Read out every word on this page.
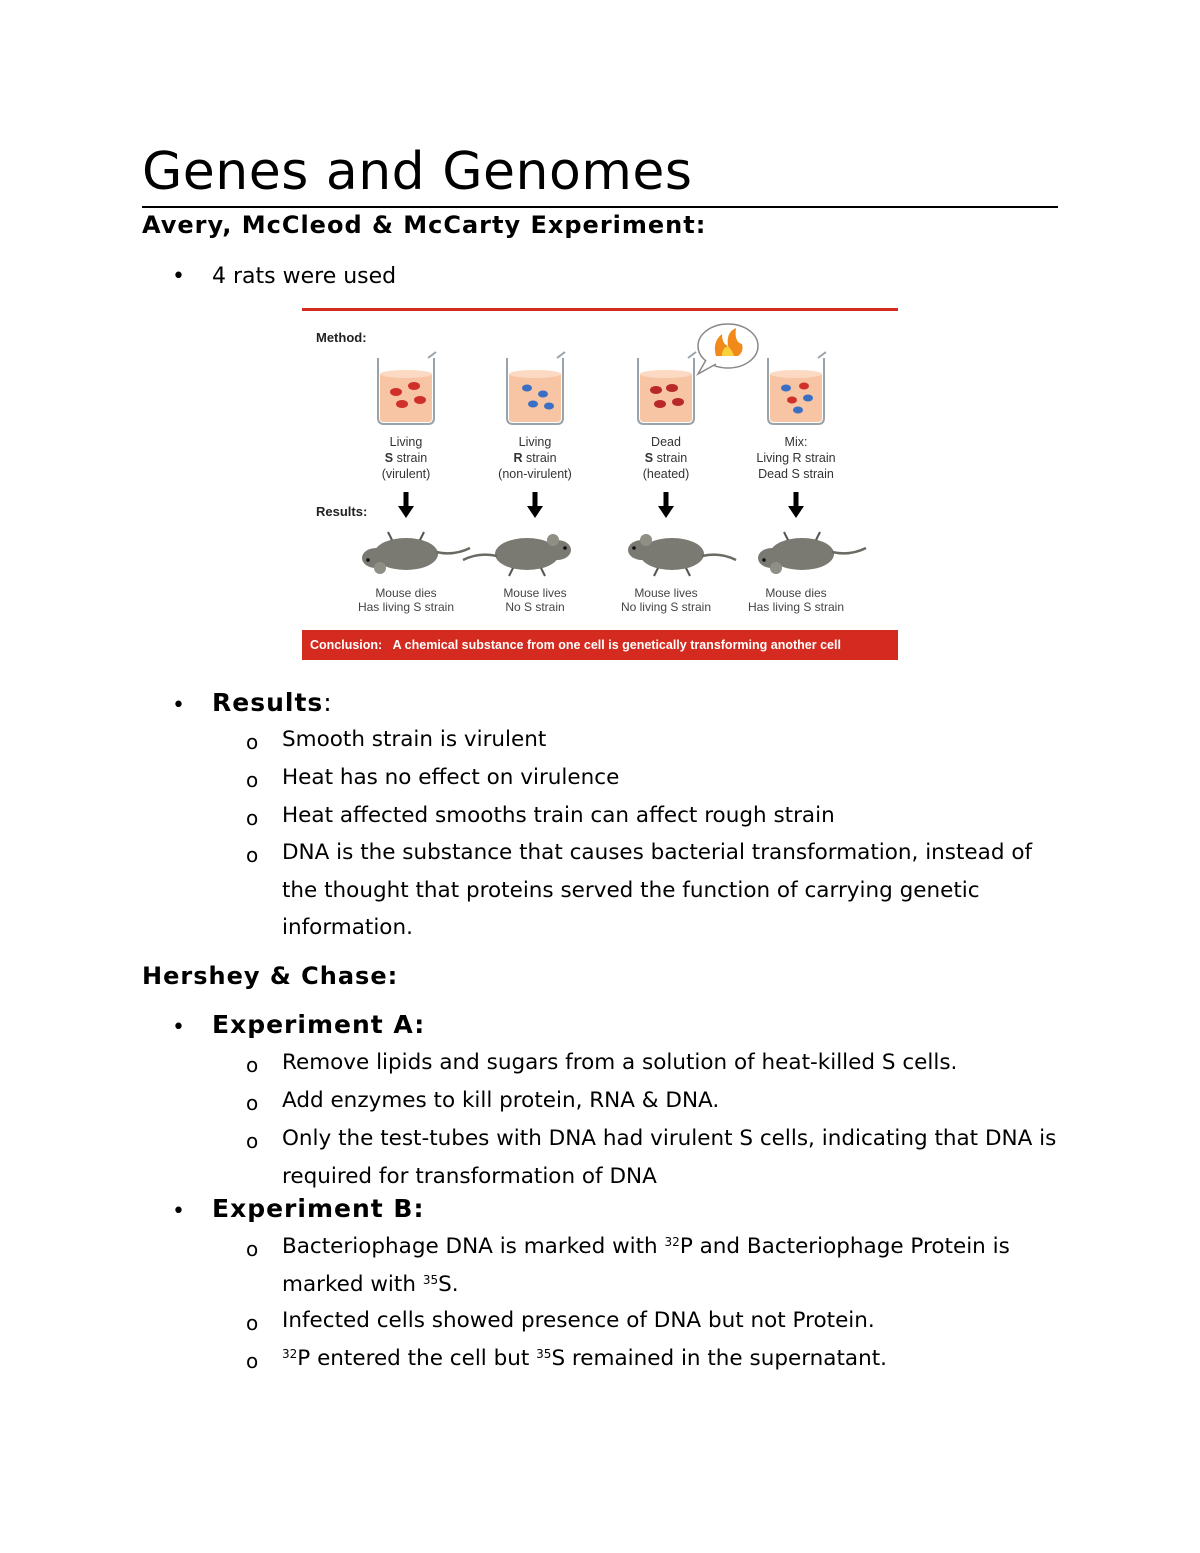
Genes and Genomes
Avery, McCleod & McCarty Experiment:
• 4 rats were used
Method:
Results:
Living
S strain
(virulent)
Living
R strain
(non-virulent)
Dead
S strain
(heated)
Mix:
Living R strain
Dead S strain
Mouse dies
Has living S strain
Mouse lives
No S strain
Mouse lives
No living S strain
Mouse dies
Has living S strain
Conclusion: A chemical substance from one cell is genetically transforming another cell
• Results:
o Smooth strain is virulent
o Heat has no effect on virulence
o Heat affected smooths train can affect rough strain
o DNA is the substance that causes bacterial transformation, instead of the thought that proteins served the function of carrying genetic information.
Hershey & Chase:
• Experiment A:
o Remove lipids and sugars from a solution of heat-killed S cells.
o Add enzymes to kill protein, RNA & DNA.
o Only the test-tubes with DNA had virulent S cells, indicating that DNA is required for transformation of DNA
• Experiment B:
o Bacteriophage DNA is marked with $^{32}$P and Bacteriophage Protein is marked with $^{35}$S.
o Infected cells showed presence of DNA but not Protein.
o $^{32}$P entered the cell but $^{35}$S remained in the supernatant.
